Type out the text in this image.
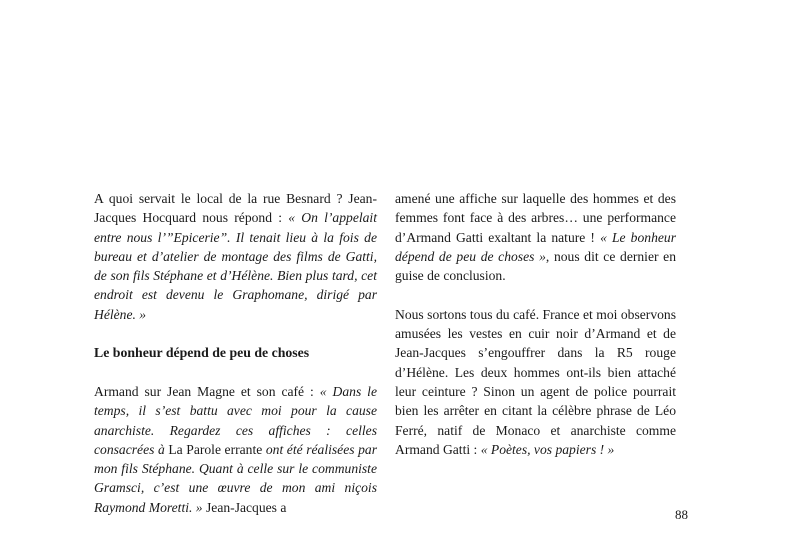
A quoi servait le local de la rue Besnard ? Jean-Jacques Hocquard nous répond : « On l’appelait entre nous l’”Epicerie”. Il tenait lieu à la fois de bureau et d’atelier de montage des films de Gatti, de son fils Stéphane et d’Hélène. Bien plus tard, cet endroit est devenu le Graphomane, dirigé par Hélène. »

Le bonheur dépend de peu de choses

Armand sur Jean Magne et son café : « Dans le temps, il s’est battu avec moi pour la cause anarchiste. Regardez ces affiches : celles consacrées à La Parole errante ont été réalisées par mon fils Stéphane. Quant à celle sur le communiste Gramsci, c’est une œuvre de mon ami niçois Raymond Moretti. » Jean-Jacques a

amené une affiche sur laquelle des hommes et des femmes font face à des arbres… une performance d’Armand Gatti exaltant la nature ! « Le bonheur dépend de peu de choses », nous dit ce dernier en guise de conclusion.

Nous sortons tous du café. France et moi observons amusées les vestes en cuir noir d’Armand et de Jean-Jacques s’engouffrer dans la R5 rouge d’Hélène. Les deux hommes ont-ils bien attaché leur ceinture ? Sinon un agent de police pourrait bien les arrêter en citant la célèbre phrase de Léo Ferré, natif de Monaco et anarchiste comme Armand Gatti : « Poètes, vos papiers ! »

88
